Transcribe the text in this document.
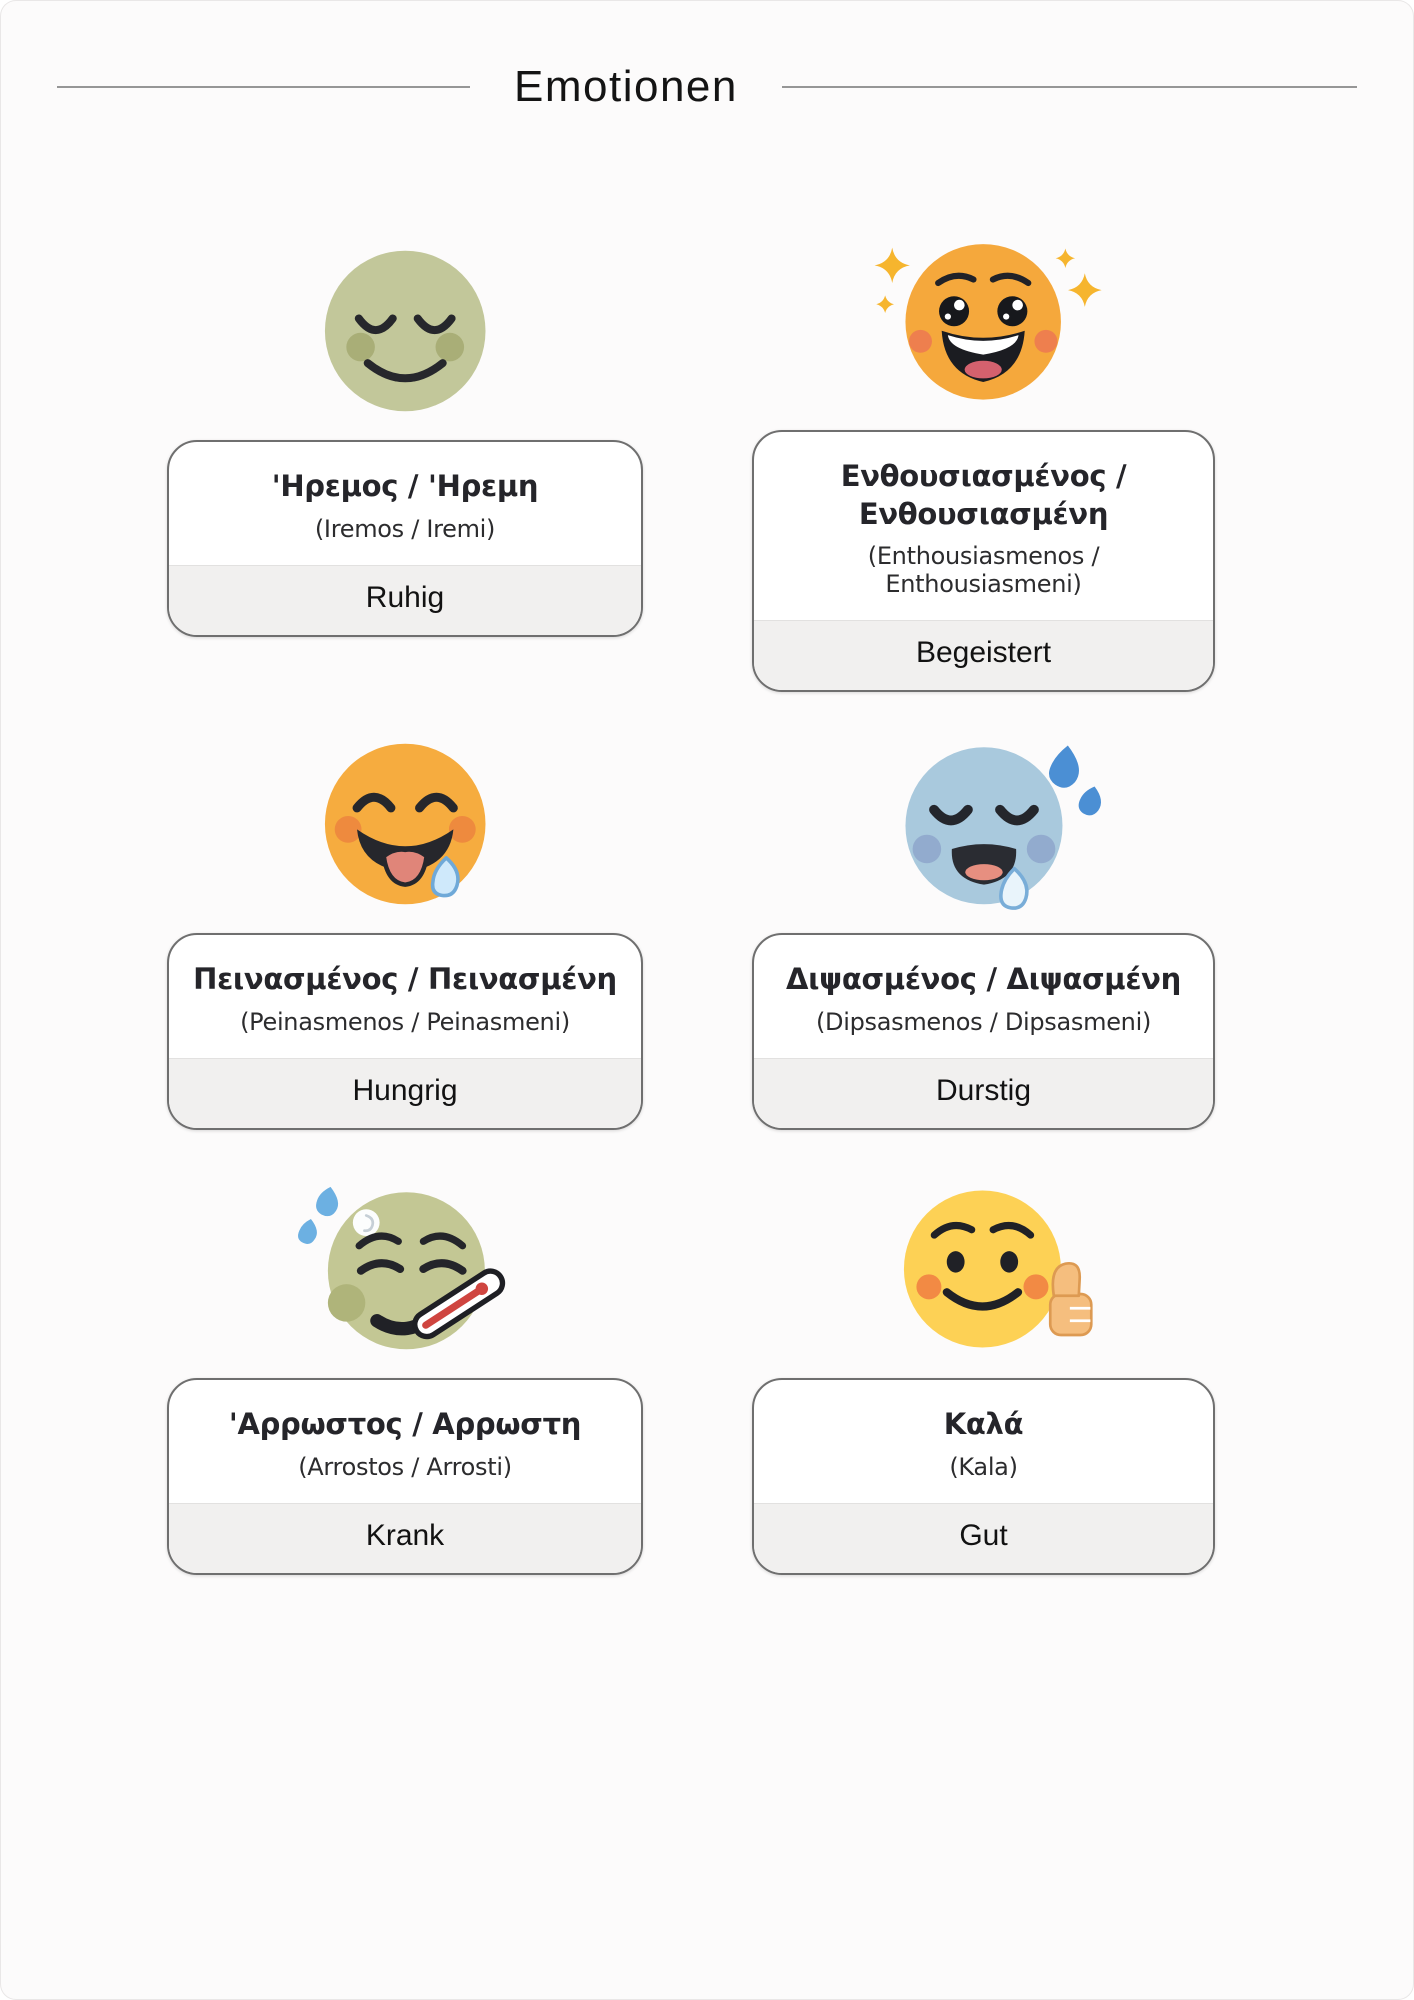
Emotionen
'Ηρεμος / 'Ηρεμη
(Iremos / Iremi)
Ruhig
Ενθουσιασμένος / Ενθουσιασμένη
(Enthousiasmenos / Enthousiasmeni)
Begeistert
Πεινασμένος / Πεινασμένη
(Peinasmenos / Peinasmeni)
Hungrig
Διψασμένος / Διψασμένη
(Dipsasmenos / Dipsasmeni)
Durstig
'Αρρωστος / Αρρωστη
(Arrostos / Arrosti)
Krank
Καλά
(Kala)
Gut
